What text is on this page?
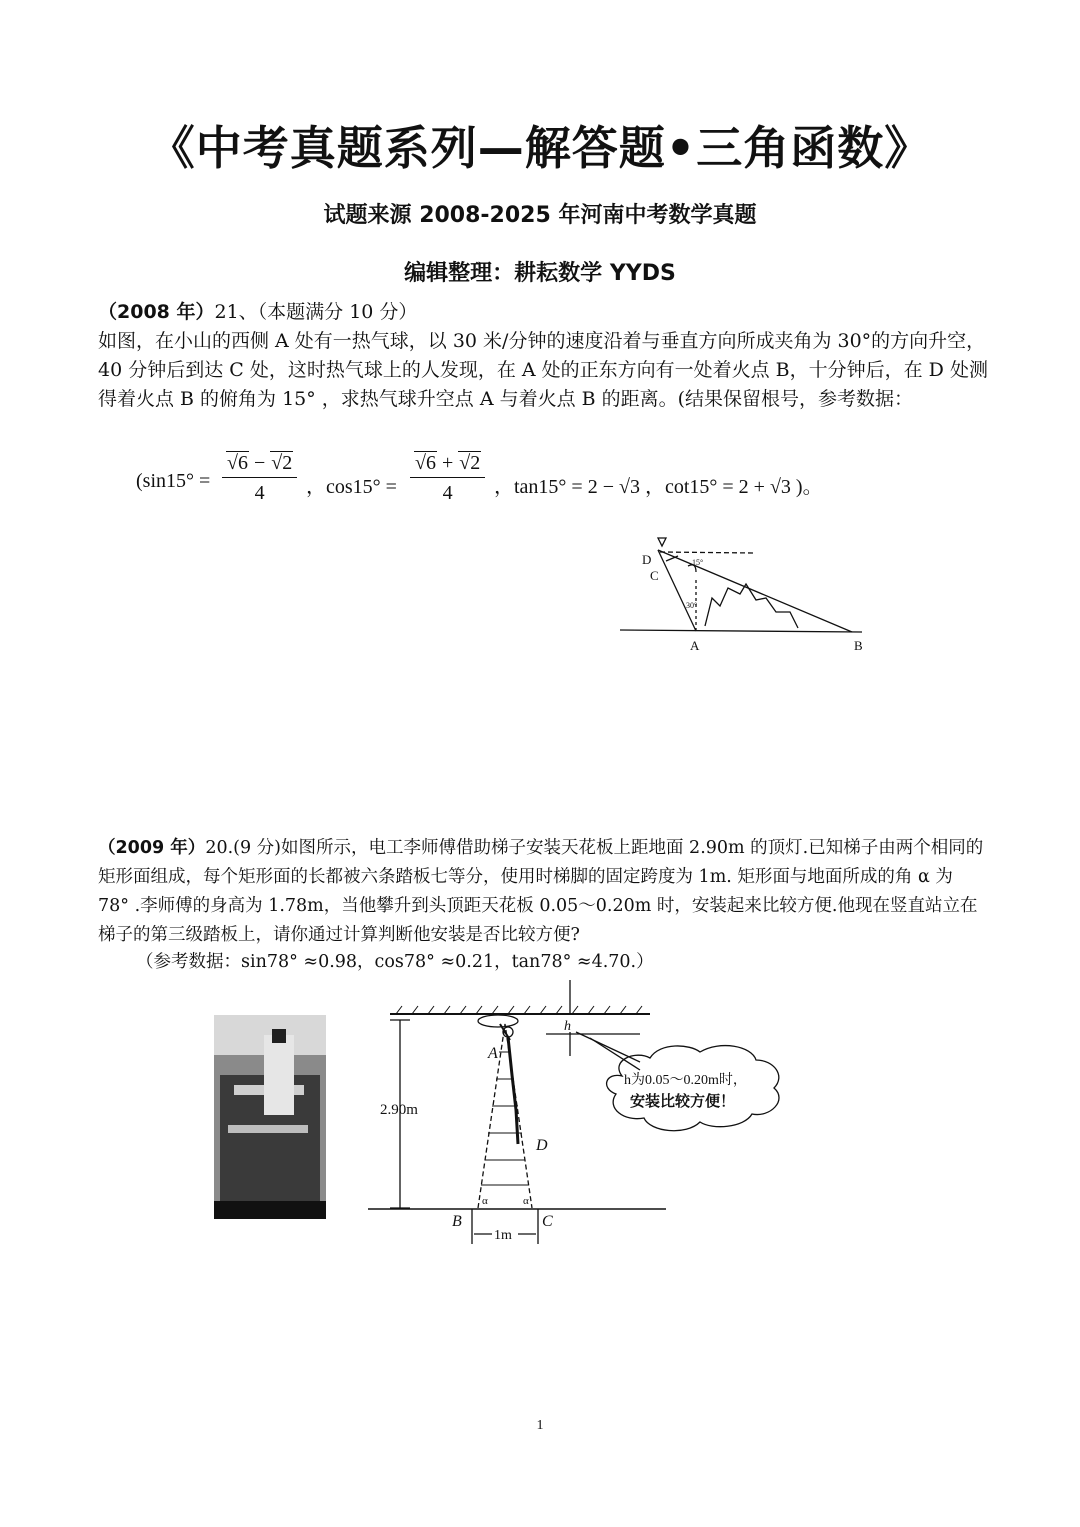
《中考真题系列—解答题•三角函数》

试题来源 2008-2025 年河南中考数学真题

编辑整理：耕耘数学 YYDS

（2008 年）21、（本题满分 10 分）
如图，在小山的西侧 A 处有一热气球，以 30 米/分钟的速度沿着与垂直方向所成夹角为 30°的方向升空，40 分钟后到达 C 处，这时热气球上的人发现，在 A 处的正东方向有一处着火点 B，十分钟后，在 D 处测得着火点 B 的俯角为 15° ，求热气球升空点 A 与着火点 B 的距离。(结果保留根号，参考数据：

($\sin 15^\circ = \frac{√6 - √2}{4}$ ，$\cos 15^\circ = \frac{√6 + √2}{4}$ ，tan15° = 2 − √3 ，cot15° = 2 + √3 )。
D
C
A	B
15°
30°

（2009 年）20.(9 分)如图所示，电工李师傅借助梯子安装天花板上距地面 2.90m 的顶灯.已知梯子由两个相同的矩形面组成，每个矩形面的长都被六条踏板七等分，使用时梯脚的固定跨度为 1m. 矩形面与地面所成的角 α 为 78° .李师傅的身高为 1.78m，当他攀升到头顶距天花板 0.05～0.20m 时，安装起来比较方便.他现在竖直站立在梯子的第三级踏板上，请你通过计算判断他安装是否比较方便?

（参考数据：sin78° ≈0.98，cos78° ≈0.21，tan78° ≈4.70.）

2.90m
A
D
B	C
h
α	α
1m
h为0.05～0.20m时，
安装比较方便！
1
